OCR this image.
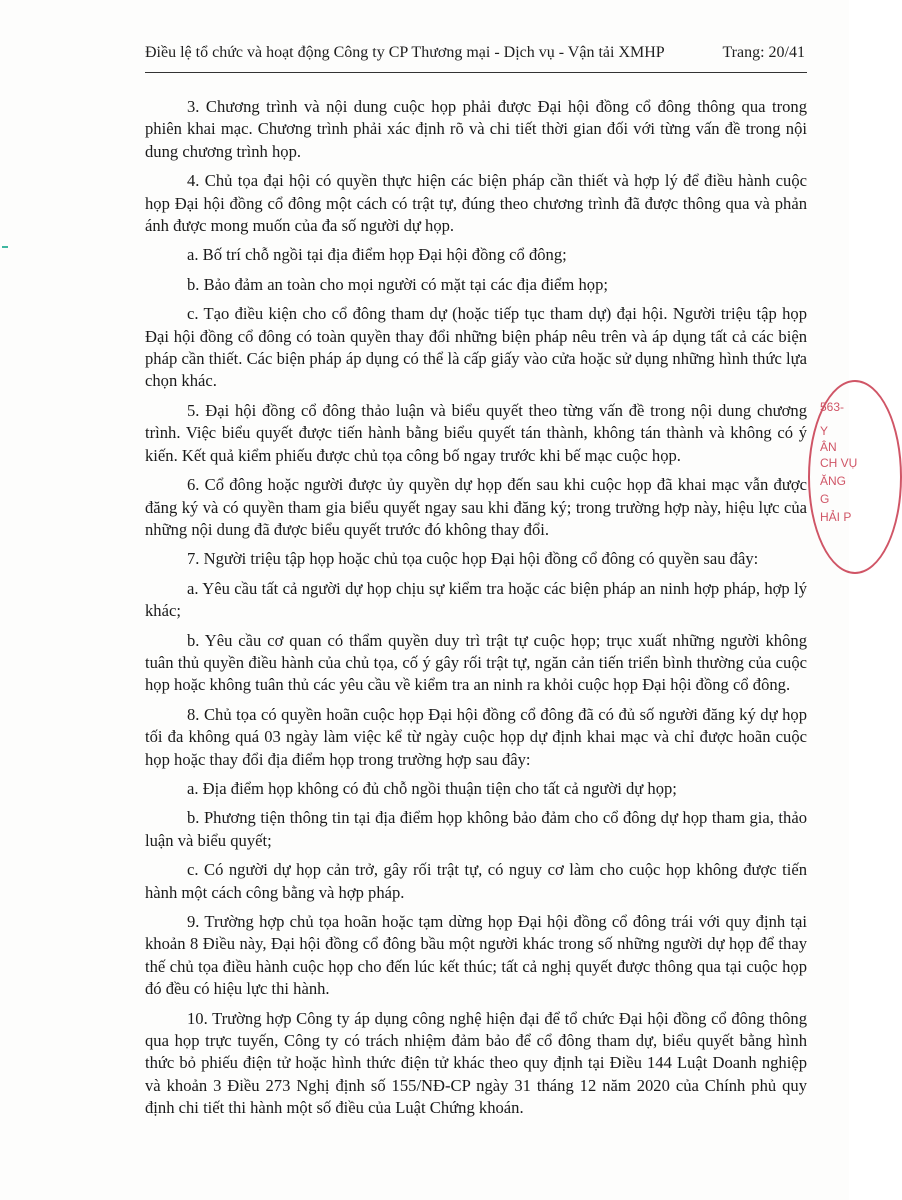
Điều lệ tổ chức và hoạt động Công ty CP Thương mại - Dịch vụ - Vận tải XMHP	Trang: 20/41

3. Chương trình và nội dung cuộc họp phải được Đại hội đồng cổ đông thông qua trong phiên khai mạc. Chương trình phải xác định rõ và chi tiết thời gian đối với từng vấn đề trong nội dung chương trình họp.

4. Chủ tọa đại hội có quyền thực hiện các biện pháp cần thiết và hợp lý để điều hành cuộc họp Đại hội đồng cổ đông một cách có trật tự, đúng theo chương trình đã được thông qua và phản ánh được mong muốn của đa số người dự họp.

a. Bố trí chỗ ngồi tại địa điểm họp Đại hội đồng cổ đông;

b. Bảo đảm an toàn cho mọi người có mặt tại các địa điểm họp;

c. Tạo điều kiện cho cổ đông tham dự (hoặc tiếp tục tham dự) đại hội. Người triệu tập họp Đại hội đồng cổ đông có toàn quyền thay đổi những biện pháp nêu trên và áp dụng tất cả các biện pháp cần thiết. Các biện pháp áp dụng có thể là cấp giấy vào cửa hoặc sử dụng những hình thức lựa chọn khác.

5. Đại hội đồng cổ đông thảo luận và biểu quyết theo từng vấn đề trong nội dung chương trình. Việc biểu quyết được tiến hành bằng biểu quyết tán thành, không tán thành và không có ý kiến. Kết quả kiểm phiếu được chủ tọa công bố ngay trước khi bế mạc cuộc họp.

6. Cổ đông hoặc người được ủy quyền dự họp đến sau khi cuộc họp đã khai mạc vẫn được đăng ký và có quyền tham gia biểu quyết ngay sau khi đăng ký; trong trường hợp này, hiệu lực của những nội dung đã được biểu quyết trước đó không thay đổi.

7. Người triệu tập họp hoặc chủ tọa cuộc họp Đại hội đồng cổ đông có quyền sau đây:

a. Yêu cầu tất cả người dự họp chịu sự kiểm tra hoặc các biện pháp an ninh hợp pháp, hợp lý khác;

b. Yêu cầu cơ quan có thẩm quyền duy trì trật tự cuộc họp; trục xuất những người không tuân thủ quyền điều hành của chủ tọa, cố ý gây rối trật tự, ngăn cản tiến triển bình thường của cuộc họp hoặc không tuân thủ các yêu cầu về kiểm tra an ninh ra khỏi cuộc họp Đại hội đồng cổ đông.

8. Chủ tọa có quyền hoãn cuộc họp Đại hội đồng cổ đông đã có đủ số người đăng ký dự họp tối đa không quá 03 ngày làm việc kể từ ngày cuộc họp dự định khai mạc và chỉ được hoãn cuộc họp hoặc thay đổi địa điểm họp trong trường hợp sau đây:

a. Địa điểm họp không có đủ chỗ ngồi thuận tiện cho tất cả người dự họp;

b. Phương tiện thông tin tại địa điểm họp không bảo đảm cho cổ đông dự họp tham gia, thảo luận và biểu quyết;

c. Có người dự họp cản trở, gây rối trật tự, có nguy cơ làm cho cuộc họp không được tiến hành một cách công bằng và hợp pháp.

9. Trường hợp chủ tọa hoãn hoặc tạm dừng họp Đại hội đồng cổ đông trái với quy định tại khoản 8 Điều này, Đại hội đồng cổ đông bầu một người khác trong số những người dự họp để thay thế chủ tọa điều hành cuộc họp cho đến lúc kết thúc; tất cả nghị quyết được thông qua tại cuộc họp đó đều có hiệu lực thi hành.

10. Trường hợp Công ty áp dụng công nghệ hiện đại để tổ chức Đại hội đồng cổ đông thông qua họp trực tuyến, Công ty có trách nhiệm đảm bảo để cổ đông tham dự, biểu quyết bằng hình thức bỏ phiếu điện tử hoặc hình thức điện tử khác theo quy định tại Điều 144 Luật Doanh nghiệp và khoản 3 Điều 273 Nghị định số 155/NĐ-CP ngày 31 tháng 12 năm 2020 của Chính phủ quy định chi tiết thi hành một số điều của Luật Chứng khoán.

563-
Y
ÂN
CH VỤ
ĂNG
G
HẢI P
